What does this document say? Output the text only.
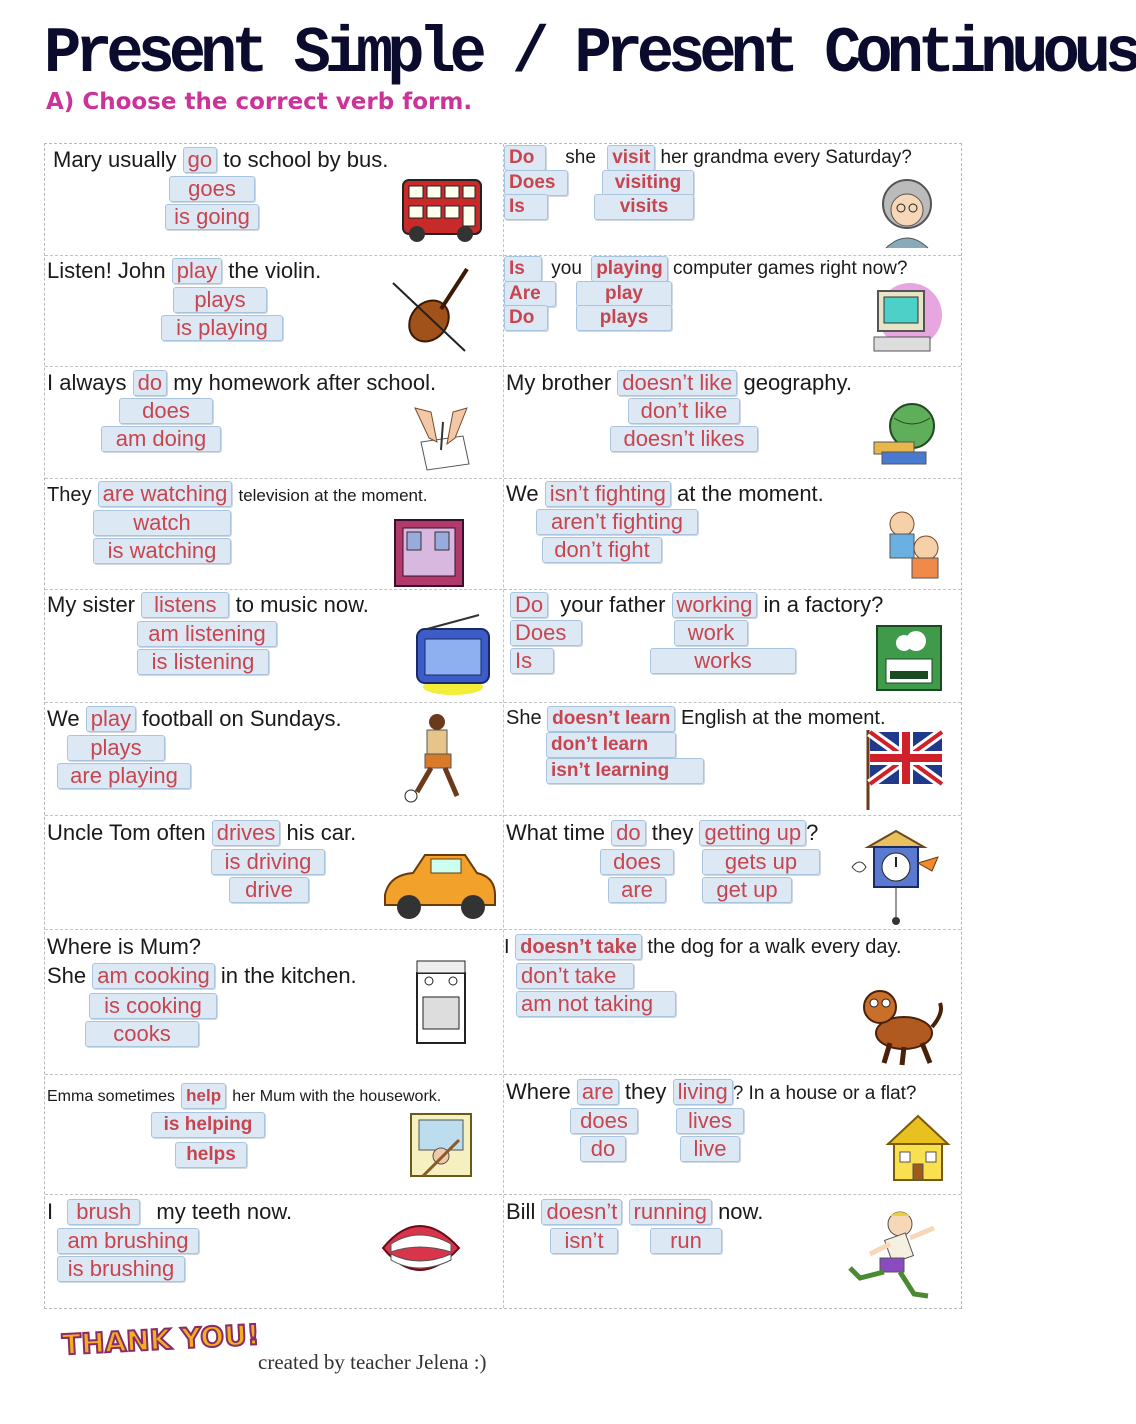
Present Simple / Present Continuous
A) Choose the correct verb form.
Mary usually go to school by bus.
goes
is going
Listen! John play the violin.
plays
is playing
I always do my homework after school.
does
am doing
They are watching television at the moment.
watch
is watching
My sister listens to music now.
am listening
is listening
We play football on Sundays.
plays
are playing
Uncle Tom often drives his car.
is driving
drive
Where is Mum?
She am cooking in the kitchen.
is cooking
cooks
Emma sometimes help her Mum with the housework.
is helping
helps
I brush my teeth now.
am brushing
is brushing
Do she visit her grandma every Saturday?
Does
Is
visiting
visits
Is you playing computer games right now?
Are
Do
play
plays
My brother doesn’t like geography.
don’t like
doesn’t likes
We isn’t fighting at the moment.
aren’t fighting
don’t fight
Do your father working in a factory?
Does
Is
work
works
She doesn’t learn English at the moment.
don’t learn
isn’t learning
What time do they getting up ?
does
are
gets up
get up
I doesn’t take the dog for a walk every day.
don’t take
am not taking
Where are they living ? In a house or a flat?
does
do
lives
live
Bill doesn’t running now.
isn’t	run
THANK YOU!

created by teacher Jelena :)
